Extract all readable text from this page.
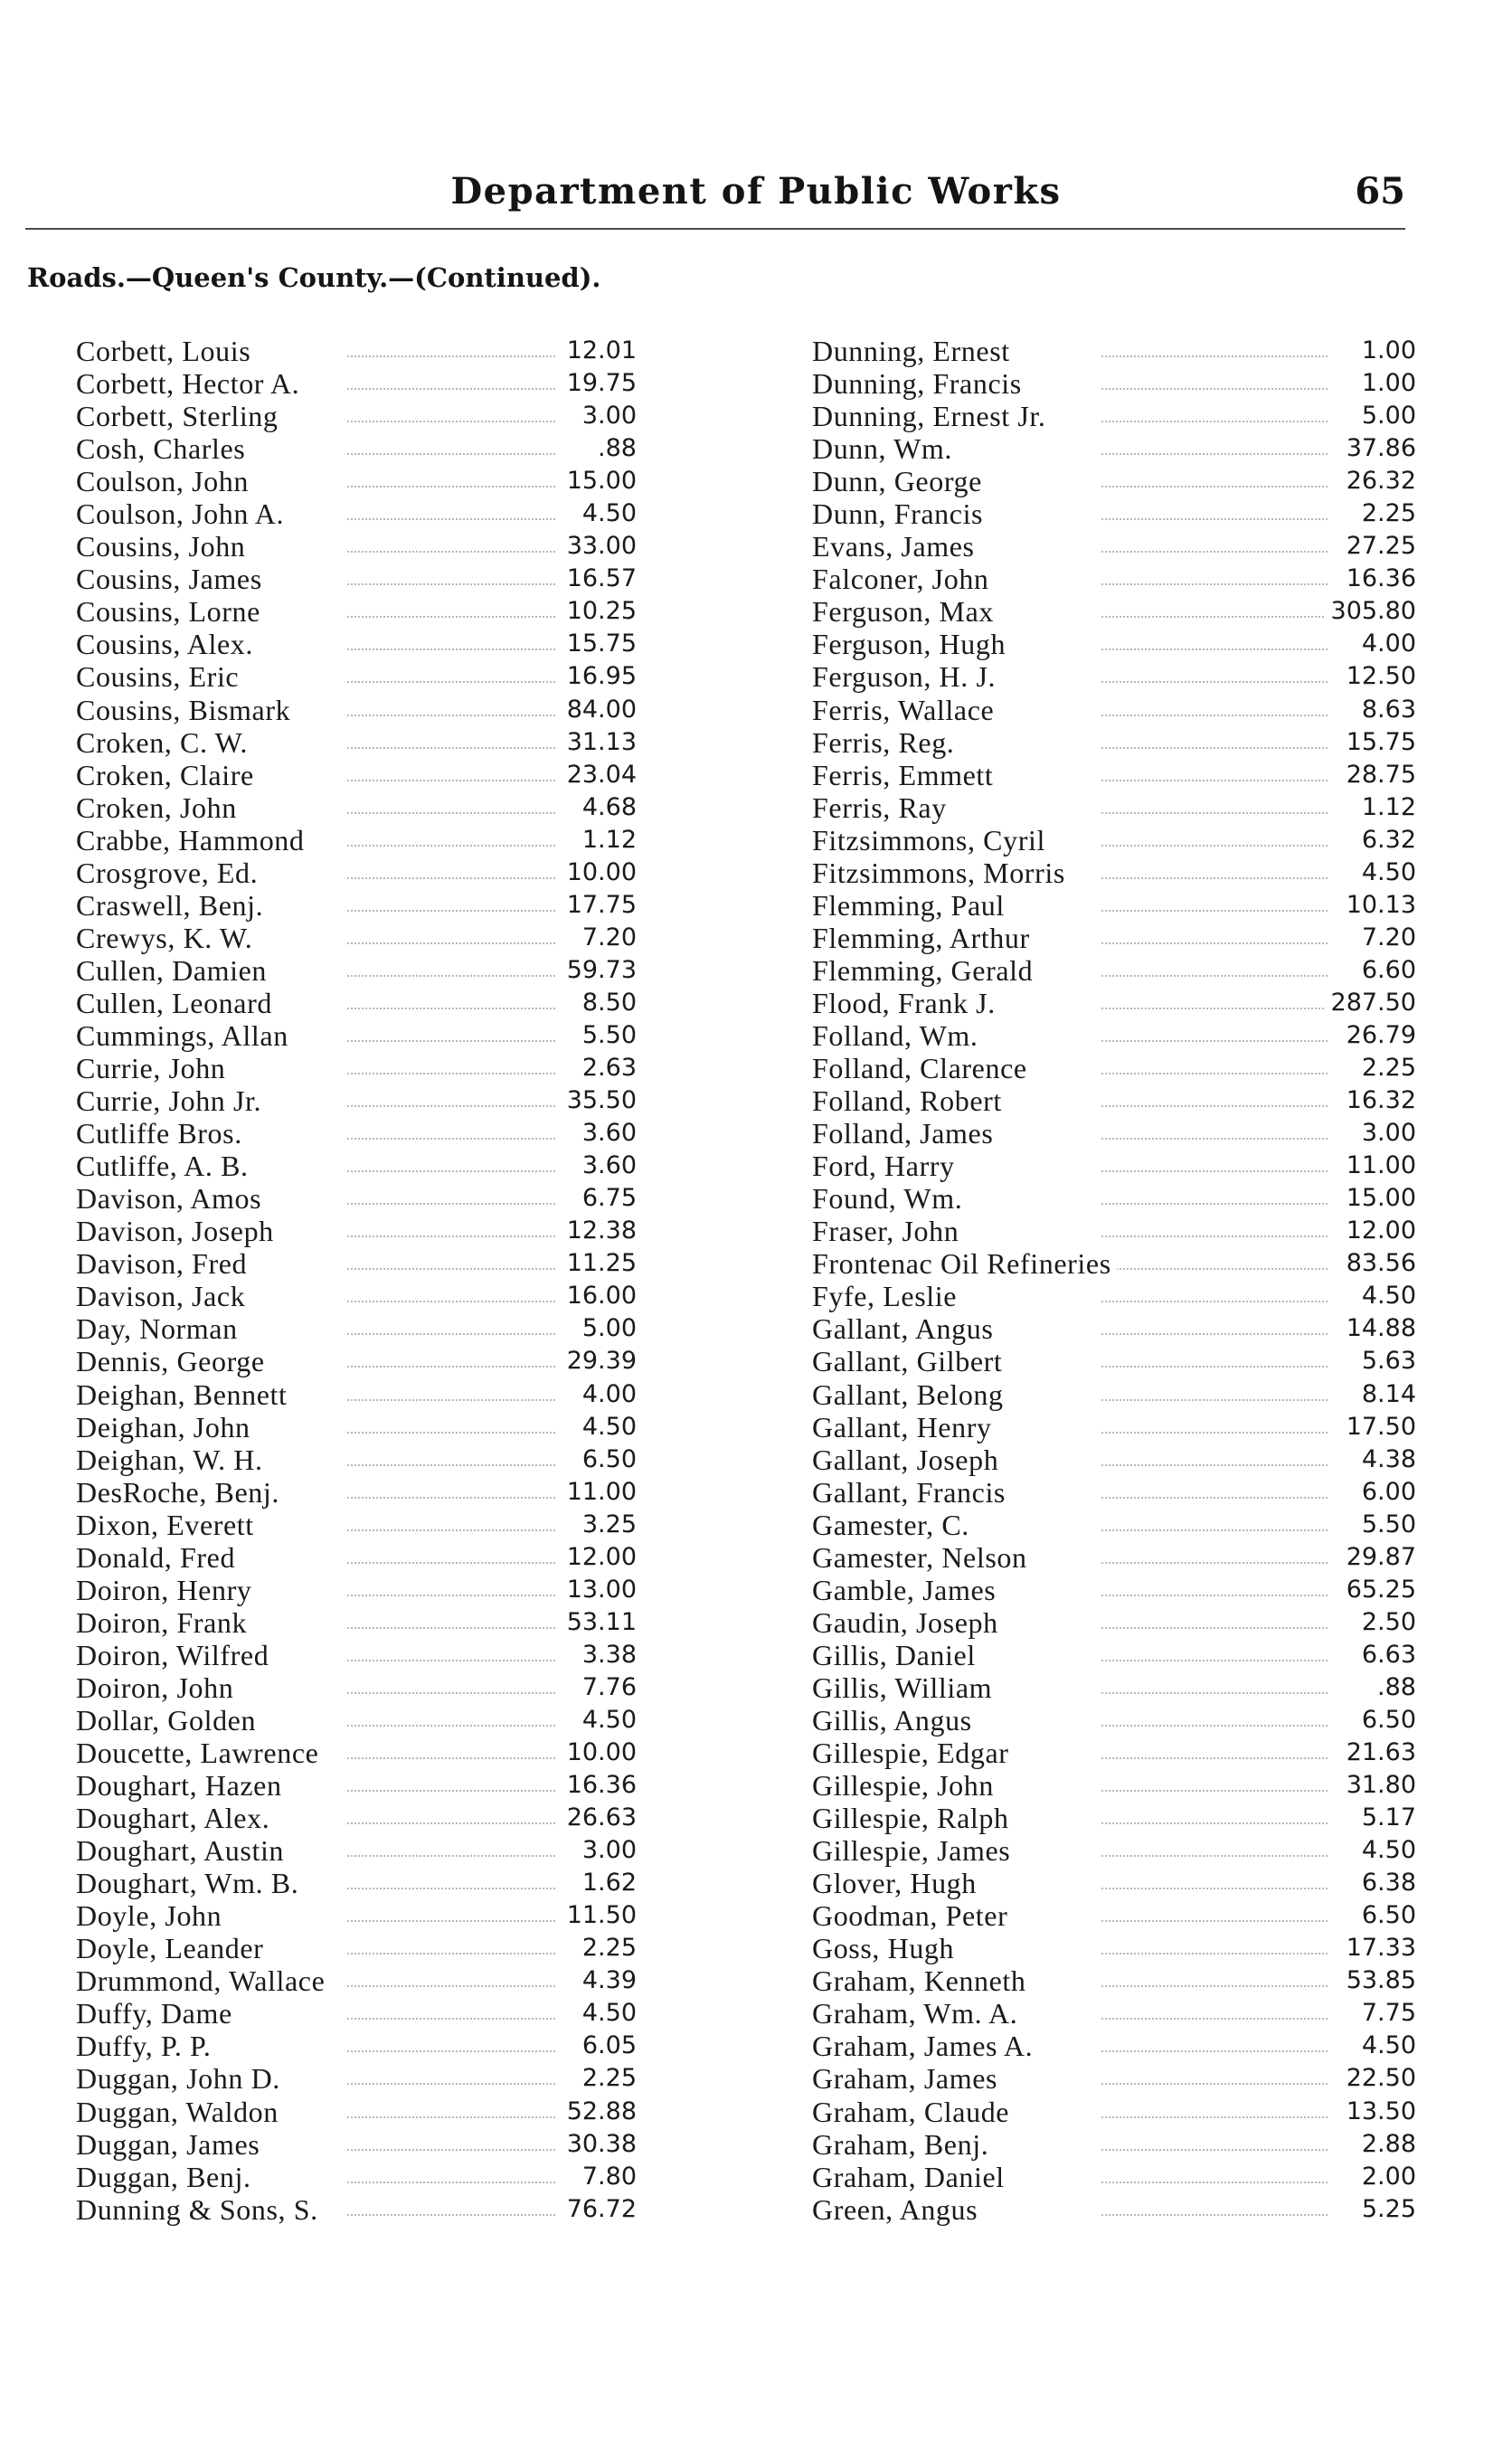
Department of Public Works	65
Roads.—Queen's County.—(Continued).
Corbett, Louis	12.01
Corbett, Hector A.	19.75
Corbett, Sterling	3.00
Cosh, Charles	.88
Coulson, John	15.00
Coulson, John A.	4.50
Cousins, John	33.00
Cousins, James	16.57
Cousins, Lorne	10.25
Cousins, Alex.	15.75
Cousins, Eric	16.95
Cousins, Bismark	84.00
Croken, C. W.	31.13
Croken, Claire	23.04
Croken, John	4.68
Crabbe, Hammond	1.12
Crosgrove, Ed.	10.00
Craswell, Benj.	17.75
Crewys, K. W.	7.20
Cullen, Damien	59.73
Cullen, Leonard	8.50
Cummings, Allan	5.50
Currie, John	2.63
Currie, John Jr.	35.50
Cutliffe Bros.	3.60
Cutliffe, A. B.	3.60
Davison, Amos	6.75
Davison, Joseph	12.38
Davison, Fred	11.25
Davison, Jack	16.00
Day, Norman	5.00
Dennis, George	29.39
Deighan, Bennett	4.00
Deighan, John	4.50
Deighan, W. H.	6.50
DesRoche, Benj.	11.00
Dixon, Everett	3.25
Donald, Fred	12.00
Doiron, Henry	13.00
Doiron, Frank	53.11
Doiron, Wilfred	3.38
Doiron, John	7.76
Dollar, Golden	4.50
Doucette, Lawrence	10.00
Doughart, Hazen	16.36
Doughart, Alex.	26.63
Doughart, Austin	3.00
Doughart, Wm. B.	1.62
Doyle, John	11.50
Doyle, Leander	2.25
Drummond, Wallace	4.39
Duffy, Dame	4.50
Duffy, P. P.	6.05
Duggan, John D.	2.25
Duggan, Waldon	52.88
Duggan, James	30.38
Duggan, Benj.	7.80
Dunning & Sons, S.	76.72
Dunning, Ernest	1.00
Dunning, Francis	1.00
Dunning, Ernest Jr.	5.00
Dunn, Wm.	37.86
Dunn, George	26.32
Dunn, Francis	2.25
Evans, James	27.25
Falconer, John	16.36
Ferguson, Max	305.80
Ferguson, Hugh	4.00
Ferguson, H. J.	12.50
Ferris, Wallace	8.63
Ferris, Reg.	15.75
Ferris, Emmett	28.75
Ferris, Ray	1.12
Fitzsimmons, Cyril	6.32
Fitzsimmons, Morris	4.50
Flemming, Paul	10.13
Flemming, Arthur	7.20
Flemming, Gerald	6.60
Flood, Frank J.	287.50
Folland, Wm.	26.79
Folland, Clarence	2.25
Folland, Robert	16.32
Folland, James	3.00
Ford, Harry	11.00
Found, Wm.	15.00
Fraser, John	12.00
Frontenac Oil Refineries	83.56
Fyfe, Leslie	4.50
Gallant, Angus	14.88
Gallant, Gilbert	5.63
Gallant, Belong	8.14
Gallant, Henry	17.50
Gallant, Joseph	4.38
Gallant, Francis	6.00
Gamester, C.	5.50
Gamester, Nelson	29.87
Gamble, James	65.25
Gaudin, Joseph	2.50
Gillis, Daniel	6.63
Gillis, William	.88
Gillis, Angus	6.50
Gillespie, Edgar	21.63
Gillespie, John	31.80
Gillespie, Ralph	5.17
Gillespie, James	4.50
Glover, Hugh	6.38
Goodman, Peter	6.50
Goss, Hugh	17.33
Graham, Kenneth	53.85
Graham, Wm. A.	7.75
Graham, James A.	4.50
Graham, James	22.50
Graham, Claude	13.50
Graham, Benj.	2.88
Graham, Daniel	2.00
Green, Angus	5.25
